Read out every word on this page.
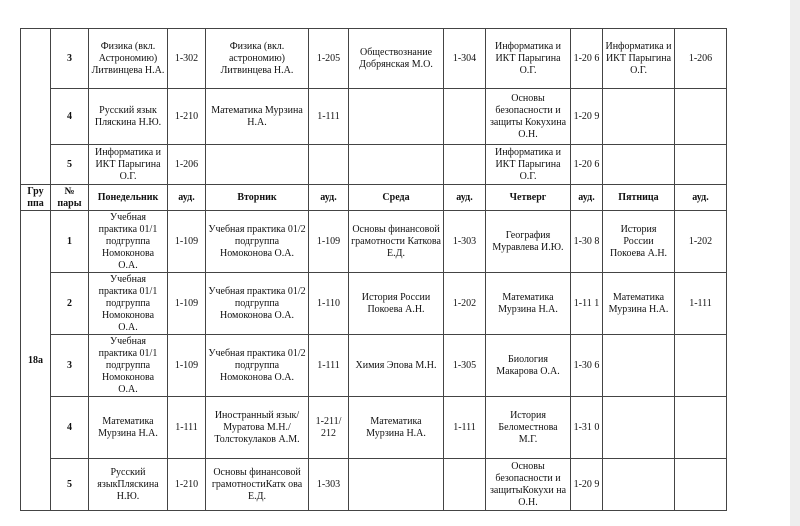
	3	Физика (вкл. Астрономию) Литвинцева Н.А.	1-302	Физика (вкл. астрономию) Литвинцева Н.А.	1-205	Обществознание Добрянская М.О.	1-304	Информатика и ИКТ Парыгина О.Г.	1-20 6	Информатика и ИКТ Парыгина О.Г.	1-206
	4	Русский язык Пляскина Н.Ю.	1-210	Математика Мурзина Н.А.	1-111			Основы безопасности и защиты Кокухина О.Н.	1-20 9		
	5	Информатика и ИКТ Парыгина О.Г.	1-206					Информатика и ИКТ Парыгина О.Г.	1-20 6		
Гру ппа	№ пары	Понедельник	ауд.	Вторник	ауд.	Среда	ауд.	Четверг	ауд.	Пятница	ауд.
18а	1	Учебная практика 01/1 подгруппа Номоконова О.А.	1-109	Учебная практика 01/2 подгруппа Номоконова О.А.	1-109	Основы финансовой грамотности Каткова Е.Д.	1-303	География Муравлева И.Ю.	1-30 8	История России Покоева А.Н.	1-202
	2	Учебная практика 01/1 подгруппа Номоконова О.А.	1-109	Учебная практика 01/2 подгруппа Номоконова О.А.	1-110	История России Покоева А.Н.	1-202	Математика Мурзина Н.А.	1-11 1	Математика Мурзина Н.А.	1-111
	3	Учебная практика 01/1 подгруппа Номоконова О.А.	1-109	Учебная практика 01/2 подгруппа Номоконова О.А.	1-111	Химия Эпова М.Н.	1-305	Биология Макарова О.А.	1-30 6		
	4	Математика Мурзина Н.А.	1-111	Иностранный язык/ Муратова М.Н./ Толстокулаков А.М.	1-211/ 212	Математика Мурзина Н.А.	1-111	История Беломестнова М.Г.	1-31 0		
	5	Русский языкПляскина Н.Ю.	1-210	Основы финансовой грамотностиКатк ова Е.Д.	1-303			Основы безопасности и защитыКокухи на О.Н.	1-20 9		
